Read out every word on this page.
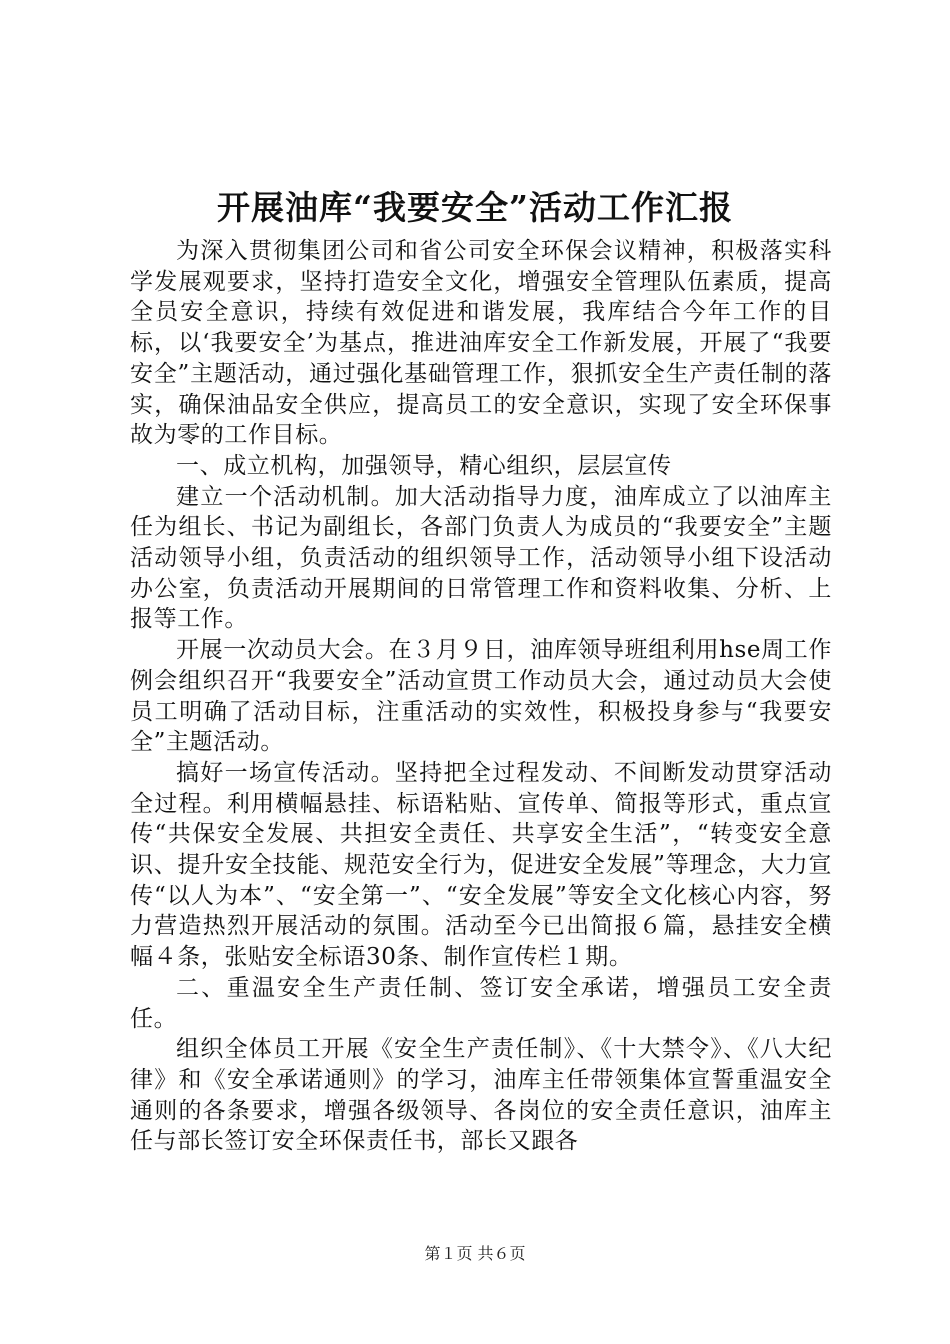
开展油库“我要安全”活动工作汇报

为深入贯彻集团公司和省公司安全环保会议精神，积极落实科学发展观要求，坚持打造安全文化，增强安全管理队伍素质，提高全员安全意识，持续有效促进和谐发展，我库结合今年工作的目标，以‘我要安全’为基点，推进油库安全工作新发展，开展了“我要安全”主题活动，通过强化基础管理工作，狠抓安全生产责任制的落实，确保油品安全供应，提高员工的安全意识，实现了安全环保事故为零的工作目标。

一、成立机构，加强领导，精心组织，层层宣传

建立一个活动机制。加大活动指导力度，油库成立了以油库主任为组长、书记为副组长，各部门负责人为成员的“我要安全”主题活动领导小组，负责活动的组织领导工作，活动领导小组下设活动办公室，负责活动开展期间的日常管理工作和资料收集、分析、上报等工作。

开展一次动员大会。在３月９日，油库领导班组利用hse周工作例会组织召开“我要安全”活动宣贯工作动员大会，通过动员大会使员工明确了活动目标，注重活动的实效性，积极投身参与“我要安全”主题活动。

搞好一场宣传活动。坚持把全过程发动、不间断发动贯穿活动全过程。利用横幅悬挂、标语粘贴、宣传单、简报等形式，重点宣传“共保安全发展、共担安全责任、共享安全生活”，“转变安全意识、提升安全技能、规范安全行为，促进安全发展”等理念，大力宣传“以人为本”、“安全第一”、“安全发展”等安全文化核心内容，努力营造热烈开展活动的氛围。活动至今已出简报６篇，悬挂安全横幅４条，张贴安全标语30条、制作宣传栏１期。

二、重温安全生产责任制、签订安全承诺，增强员工安全责任。

组织全体员工开展《安全生产责任制》、《十大禁令》、《八大纪律》和《安全承诺通则》的学习，油库主任带领集体宣誓重温安全通则的各条要求，增强各级领导、各岗位的安全责任意识，油库主任与部长签订安全环保责任书，部长又跟各

第１页 共６页
